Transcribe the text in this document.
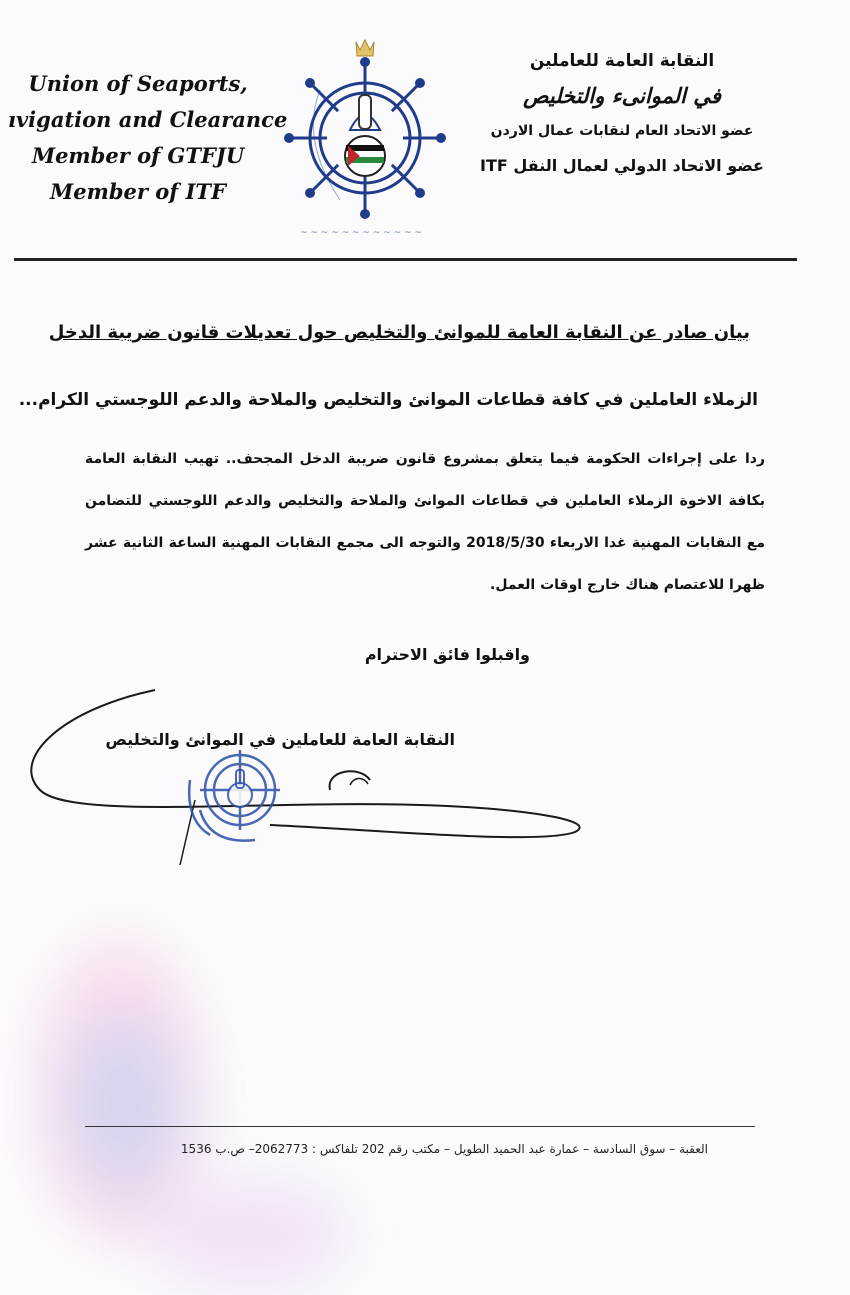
Union of Seaports,
ıvigation and Clearance
Member of GTFJU
Member of ITF
~ ~ ~ ~ ~ ~ ~ ~ ~ ~ ~ ~
النقابة العامة للعاملين
في الموانىء والتخليص
عضو الاتحاد العام لنقابات عمال الاردن
عضو الاتحاد الدولي لعمال النقل ITF
بيان صادر عن النقابة العامة للموانئ والتخليص حول تعديلات قانون ضريبة الدخل
الزملاء العاملين في كافة قطاعات الموانئ والتخليص والملاحة والدعم اللوجستي الكرام...
ردا على إجراءات الحكومة فيما يتعلق بمشروع قانون ضريبة الدخل المجحف.. تهيب النقابة العامة بكافة الاخوة الزملاء العاملين في قطاعات الموانئ والملاحة والتخليص والدعم اللوجستي للتضامن مع النقابات المهنية غدا الاربعاء 2018/5/30 والتوجه الى مجمع النقابات المهنية الساعة الثانية عشر ظهرا للاعتصام هناك خارج اوقات العمل.
واقبلوا فائق الاحترام
النقابة العامة للعاملين في الموانئ والتخليص
العقبة – سوق السادسة – عمارة عبد الحميد الطويل – مكتب رقم 202 تلفاكس : 2062773– ص.ب 1536
